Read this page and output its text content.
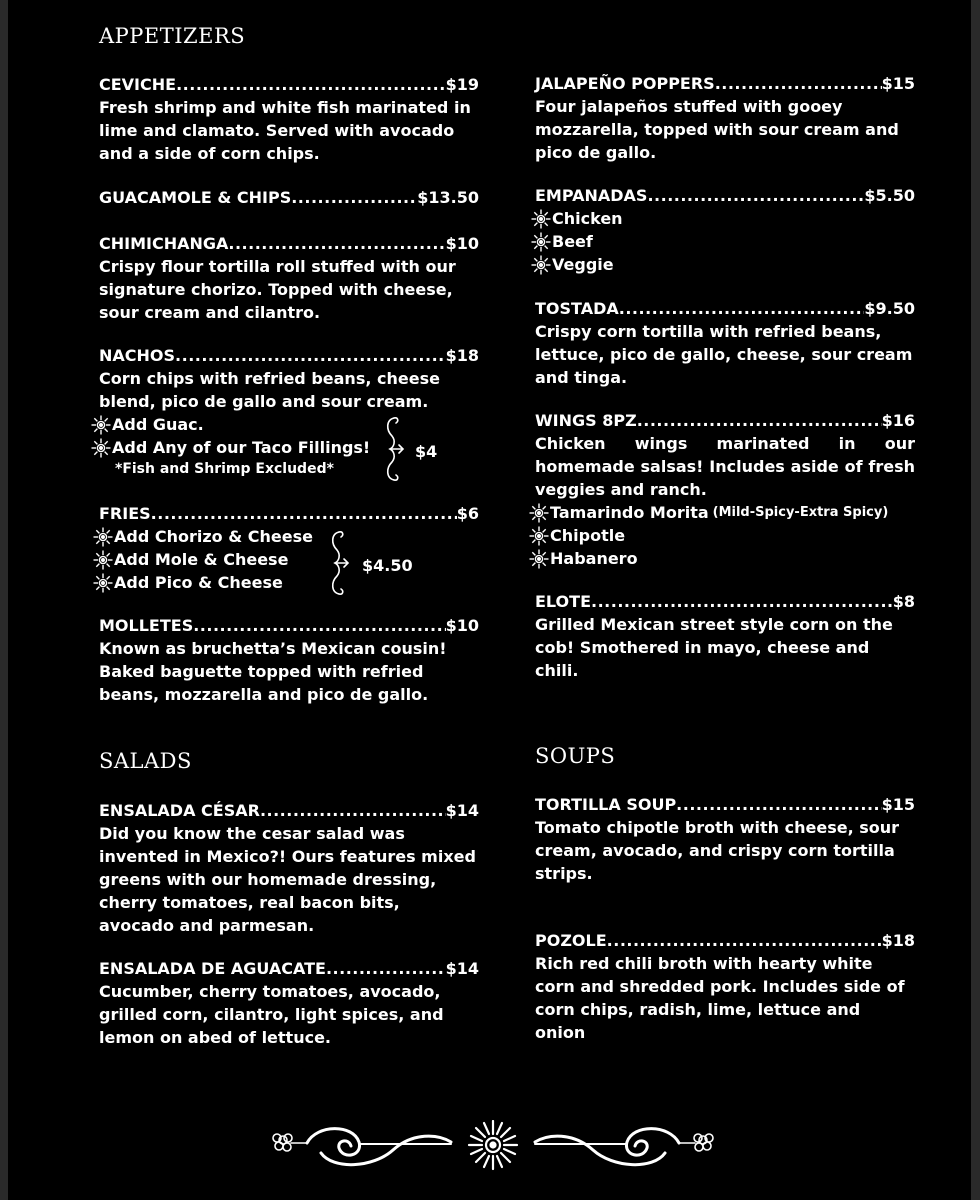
APPETIZERS
CEVICHE .....	$19

Fresh shrimp and white fish marinated in lime and clamato. Served with avocado and a side of corn chips.

GUACAMOLE & CHIPS .....	$13.50
CHIMICHANGA .....	$10

Crispy flour tortilla roll stuffed with our signature chorizo. Topped with cheese, sour cream and cilantro.

NACHOS .....	$18

Corn chips with refried beans, cheese blend, pico de gallo and sour cream.

Add Guac.
Add Any of our Taco Fillings!
*Fish and Shrimp Excluded*
$4
FRIES .....	$6
Add Chorizo & Cheese
Add Mole & Cheese
Add Pico & Cheese
$4.50
MOLLETES .....	$10

Known as bruchetta’s Mexican cousin! Baked baguette topped with refried beans, mozzarella and pico de gallo.

SALADS
ENSALADA CÉSAR .....	$14

Did you know the cesar salad was invented in Mexico?! Ours features mixed greens with our homemade dressing, cherry tomatoes, real bacon bits, avocado and parmesan.

ENSALADA DE AGUACATE .....	$14

Cucumber, cherry tomatoes, avocado, grilled corn, cilantro, light spices, and lemon on abed of lettuce.

JALAPEÑO POPPERS .....	$15

Four jalapeños stuffed with gooey mozzarella, topped with sour cream and pico de gallo.

EMPANADAS .....	$5.50
Chicken
Beef
Veggie
TOSTADA .....	$9.50

Crispy corn tortilla with refried beans, lettuce, pico de gallo, cheese, sour cream and tinga.

WINGS 8PZ .....	$16

Chicken wings marinated in our homemade salsas! Includes aside of fresh veggies and ranch.

Tamarindo Morita (Mild-Spicy-Extra Spicy)
Chipotle
Habanero
ELOTE .....	$8

Grilled Mexican street style corn on the cob! Smothered in mayo, cheese and chili.

SOUPS
TORTILLA SOUP .....	$15

Tomato chipotle broth with cheese, sour cream, avocado, and crispy corn tortilla strips.

POZOLE .....	$18

Rich red chili broth with hearty white corn and shredded pork. Includes side of corn chips, radish, lime, lettuce and onion
